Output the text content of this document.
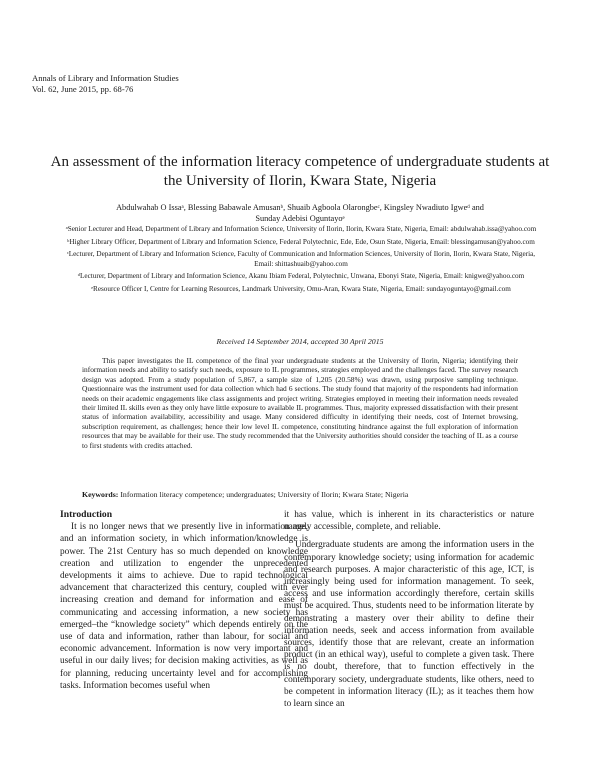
Annals of Library and Information Studies
Vol. 62, June 2015, pp. 68-76
An assessment of the information literacy competence of undergraduate students at the University of Ilorin, Kwara State, Nigeria
Abdulwahab O Issaᵃ, Blessing Babawale Amusanᵇ, Shuaib Agboola Olarongbeᶜ, Kingsley Nwadiuto Igweᵈ and
Sunday Adebisi Oguntayoᵉ
ᵃSenior Lecturer and Head, Department of Library and Information Science, University of Ilorin, Ilorin, Kwara State, Nigeria, Email: abdulwahab.issa@yahoo.com
ᵇHigher Library Officer, Department of Library and Information Science, Federal Polytechnic, Ede, Ede, Osun State, Nigeria, Email: blessingamusan@yahoo.com
ᶜLecturer, Department of Library and Information Science, Faculty of Communication and Information Sciences, University of Ilorin, Ilorin, Kwara State, Nigeria, Email: shittashuaib@yahoo.com
ᵈLecturer, Department of Library and Information Science, Akanu Ibiam Federal, Polytechnic, Unwana, Ebonyi State, Nigeria, Email: knigwe@yahoo.com
ᵉResource Officer I, Centre for Learning Resources, Landmark University, Omu-Aran, Kwara State, Nigeria, Email: sundayoguntayo@gmail.com
Received 14 September 2014, accepted 30 April 2015
This paper investigates the IL competence of the final year undergraduate students at the University of Ilorin, Nigeria; identifying their information needs and ability to satisfy such needs, exposure to IL programmes, strategies employed and the challenges faced. The survey research design was adopted. From a study population of 5,867, a sample size of 1,205 (20.58%) was drawn, using purposive sampling technique. Questionnaire was the instrument used for data collection which had 6 sections. The study found that majority of the respondents had information needs on their academic engagements like class assignments and project writing. Strategies employed in meeting their information needs revealed their limited IL skills even as they only have little exposure to available IL programmes. Thus, majority expressed dissatisfaction with their present status of information availability, accessibility and usage. Many considered difficulty in identifying their needs, cost of Internet browsing, subscription requirement, as challenges; hence their low level IL competence, constituting hindrance against the full exploration of information resources that may be available for their use. The study recommended that the University authorities should consider the teaching of IL as a course to first students with credits attached.
Keywords: Information literacy competence; undergraduates; University of Ilorin; Kwara State; Nigeria

Introduction

It is no longer news that we presently live in information age, and an information society, in which information/knowledge is power. The 21st Century has so much depended on knowledge creation and utilization to engender the unprecedented developments it aims to achieve. Due to rapid technological advancement that characterized this century, coupled with ever increasing creation and demand for information and ease of communicating and accessing information, a new society has emerged–the “knowledge society” which depends entirely on the use of data and information, rather than labour, for social and economic advancement. Information is now very important and useful in our daily lives; for decision making activities, as well as for planning, reducing uncertainty level and for accomplishing tasks. Information becomes useful when

it has value, which is inherent in its characteristics or nature namely accessible, complete, and reliable.

Undergraduate students are among the information users in the contemporary knowledge society; using information for academic and research purposes. A major characteristic of this age, ICT, is increasingly being used for information management. To seek, access and use information accordingly therefore, certain skills must be acquired. Thus, students need to be information literate by demonstrating a mastery over their ability to define their information needs, seek and access information from available sources, identify those that are relevant, create an information product (in an ethical way), useful to complete a given task. There is no doubt, therefore, that to function effectively in the contemporary society, undergraduate students, like others, need to be competent in information literacy (IL); as it teaches them how to learn since an
